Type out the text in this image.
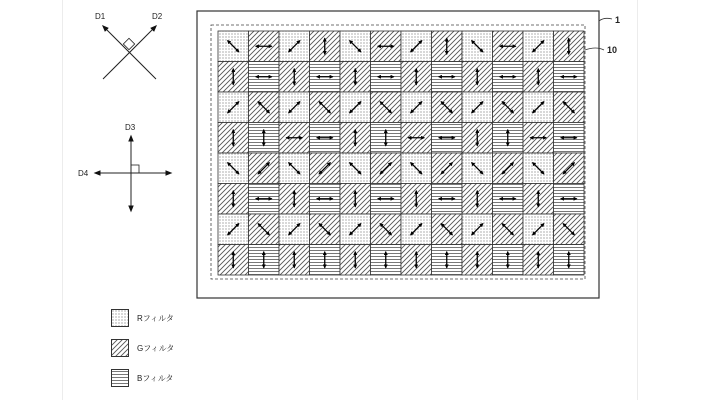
D1	D2
D3
D4
1
10
Rフィルタ
Gフィルタ
Bフィルタ
